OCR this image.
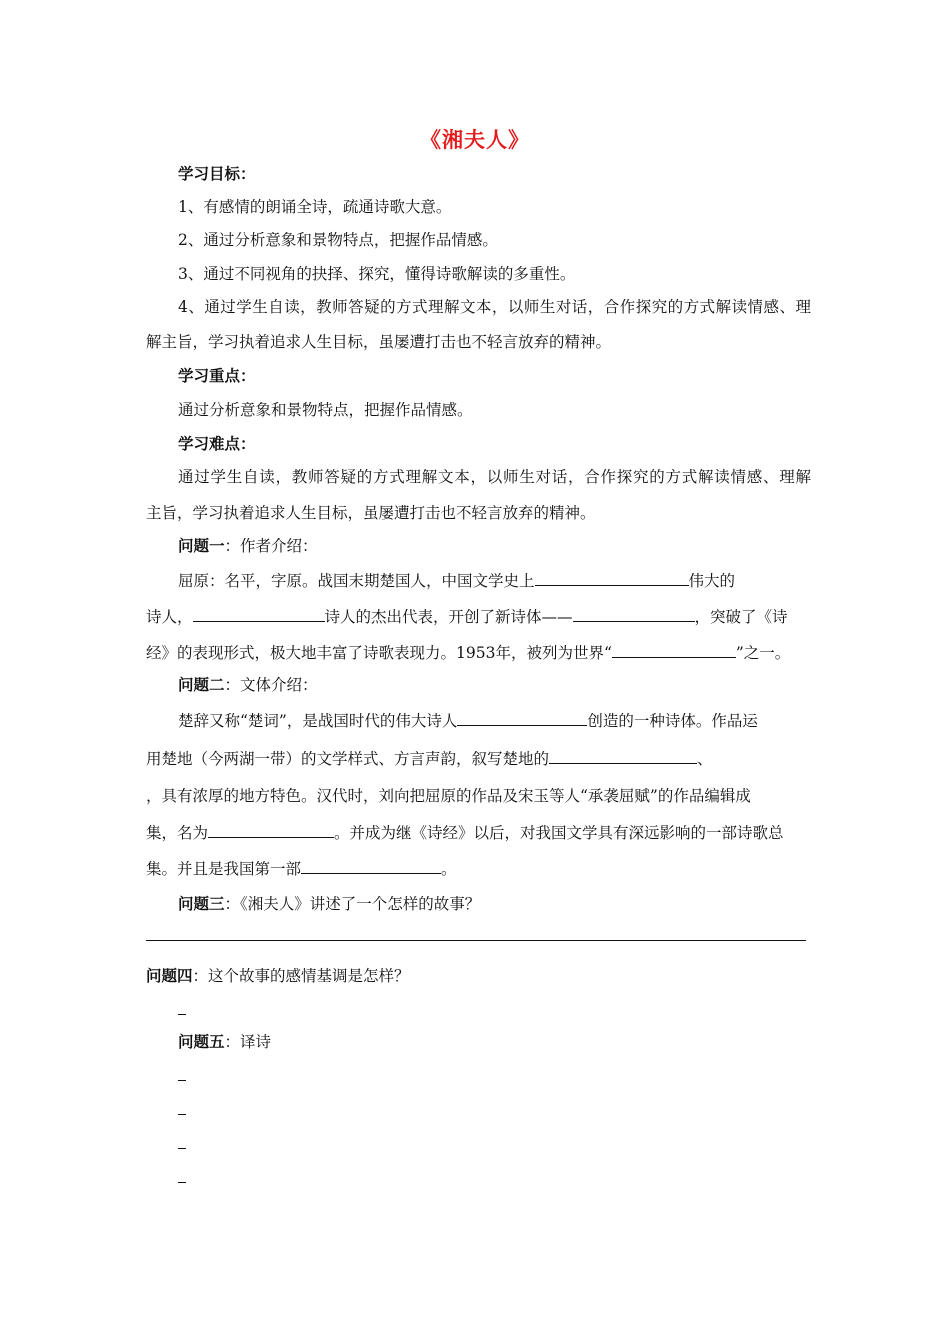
《湘夫人》
学习目标：
1、有感情的朗诵全诗，疏通诗歌大意。
2、通过分析意象和景物特点，把握作品情感。
3、通过不同视角的抉择、探究，懂得诗歌解读的多重性。
4、通过学生自读，教师答疑的方式理解文本，以师生对话，合作探究的方式解读情感、理
解主旨，学习执着追求人生目标，虽屡遭打击也不轻言放弃的精神。
学习重点：
通过分析意象和景物特点，把握作品情感。
学习难点：
通过学生自读，教师答疑的方式理解文本，以师生对话，合作探究的方式解读情感、理解
主旨，学习执着追求人生目标，虽屡遭打击也不轻言放弃的精神。
问题一：作者介绍：
屈原：名平，字原。战国末期楚国人，中国文学史上	伟大的
诗人，	诗人的杰出代表，开创了新诗体——	，突破了《诗
经》的表现形式，极大地丰富了诗歌表现力。1953年，被列为世界“	”之一。
问题二：文体介绍：
楚辞又称“楚词”，是战国时代的伟大诗人	创造的一种诗体。作品运
用楚地（今两湖一带）的文学样式、方言声韵，叙写楚地的	、
，具有浓厚的地方特色。汉代时，刘向把屈原的作品及宋玉等人“承袭屈赋”的作品编辑成
集，名为	。并成为继《诗经》以后，对我国文学具有深远影响的一部诗歌总
集。并且是我国第一部	。
问题三：《湘夫人》讲述了一个怎样的故事？
问题四：这个故事的感情基调是怎样？
问题五：译诗
